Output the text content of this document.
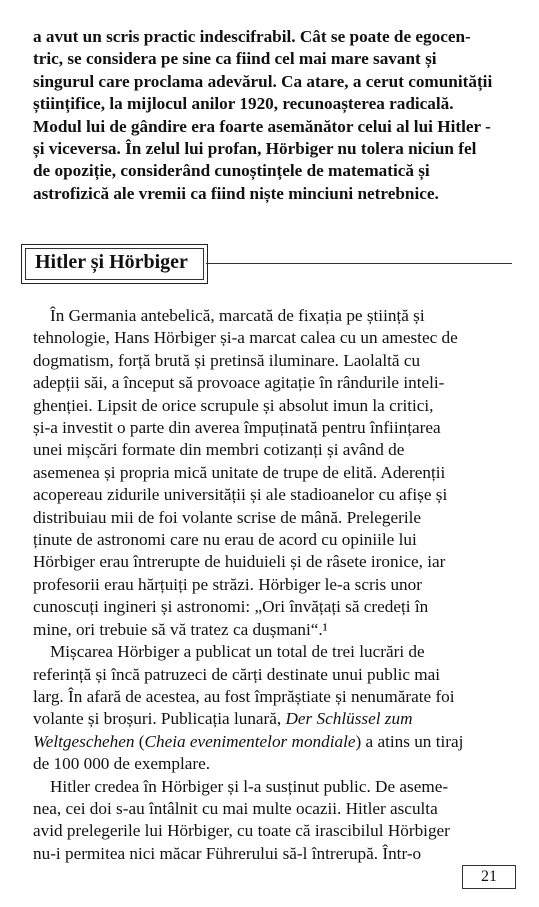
a avut un scris practic indescifrabil. Cât se poate de egocen-
tric, se considera pe sine ca fiind cel mai mare savant și
singurul care proclama adevărul. Ca atare, a cerut comunității
științifice, la mijlocul anilor 1920, recunoașterea radicală.
Modul lui de gândire era foarte asemănător celui al lui Hitler -
și viceversa. În zelul lui profan, Hörbiger nu tolera niciun fel
de opoziție, considerând cunoștințele de matematică și
astrofizică ale vremii ca fiind niște minciuni netrebnice.
Hitler și Hörbiger
În Germania antebelică, marcată de fixația pe știință și
tehnologie, Hans Hörbiger și-a marcat calea cu un amestec de
dogmatism, forță brută și pretinsă iluminare. Laolaltă cu
adepții săi, a început să provoace agitație în rândurile inteli-
ghenției. Lipsit de orice scrupule și absolut imun la critici,
și-a investit o parte din averea împuținată pentru înființarea
unei mișcări formate din membri cotizanți și având de
asemenea și propria mică unitate de trupe de elită. Aderenții
acopereau zidurile universității și ale stadioanelor cu afișe și
distribuiau mii de foi volante scrise de mână. Prelegerile
ținute de astronomi care nu erau de acord cu opiniile lui
Hörbiger erau întrerupte de huiduieli și de râsete ironice, iar
profesorii erau hărțuiți pe străzi. Hörbiger le-a scris unor
cunoscuți ingineri și astronomi: „Ori învățați să credeți în
mine, ori trebuie să vă tratez ca dușmani“.¹
Mișcarea Hörbiger a publicat un total de trei lucrări de
referință și încă patruzeci de cărți destinate unui public mai
larg. În afară de acestea, au fost împrăștiate și nenumărate foi
volante și broșuri. Publicația lunară, Der Schlüssel zum
Weltgeschehen ( Cheia evenimentelor mondiale ) a atins un tiraj
de 100 000 de exemplare.
Hitler credea în Hörbiger și l-a susținut public. De aseme-
nea, cei doi s-au întâlnit cu mai multe ocazii. Hitler asculta
avid prelegerile lui Hörbiger, cu toate că irascibilul Hörbiger
nu-i permitea nici măcar Führerului să-l întrerupă. Într-o
21
